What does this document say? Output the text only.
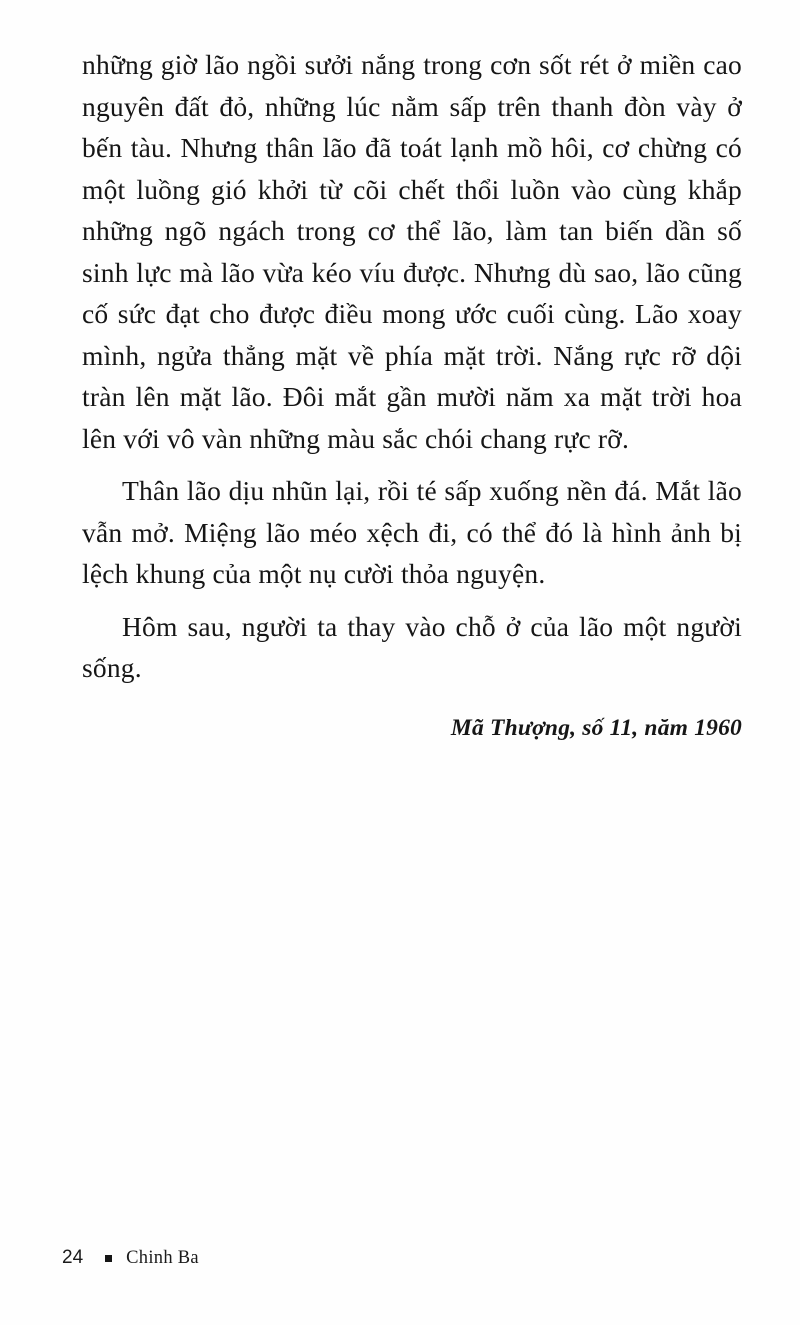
những giờ lão ngồi sưởi nắng trong cơn sốt rét ở miền cao nguyên đất đỏ, những lúc nằm sấp trên thanh đòn vày ở bến tàu. Nhưng thân lão đã toát lạnh mồ hôi, cơ chừng có một luồng gió khởi từ cõi chết thổi luồn vào cùng khắp những ngõ ngách trong cơ thể lão, làm tan biến dần số sinh lực mà lão vừa kéo víu được. Nhưng dù sao, lão cũng cố sức đạt cho được điều mong ước cuối cùng. Lão xoay mình, ngửa thẳng mặt về phía mặt trời. Nắng rực rỡ dội tràn lên mặt lão. Đôi mắt gần mười năm xa mặt trời hoa lên với vô vàn những màu sắc chói chang rực rỡ.

Thân lão dịu nhũn lại, rồi té sấp xuống nền đá. Mắt lão vẫn mở. Miệng lão méo xệch đi, có thể đó là hình ảnh bị lệch khung của một nụ cười thỏa nguyện.

Hôm sau, người ta thay vào chỗ ở của lão một người sống.

Mã Thượng, số 11, năm 1960
24 Chinh Ba
